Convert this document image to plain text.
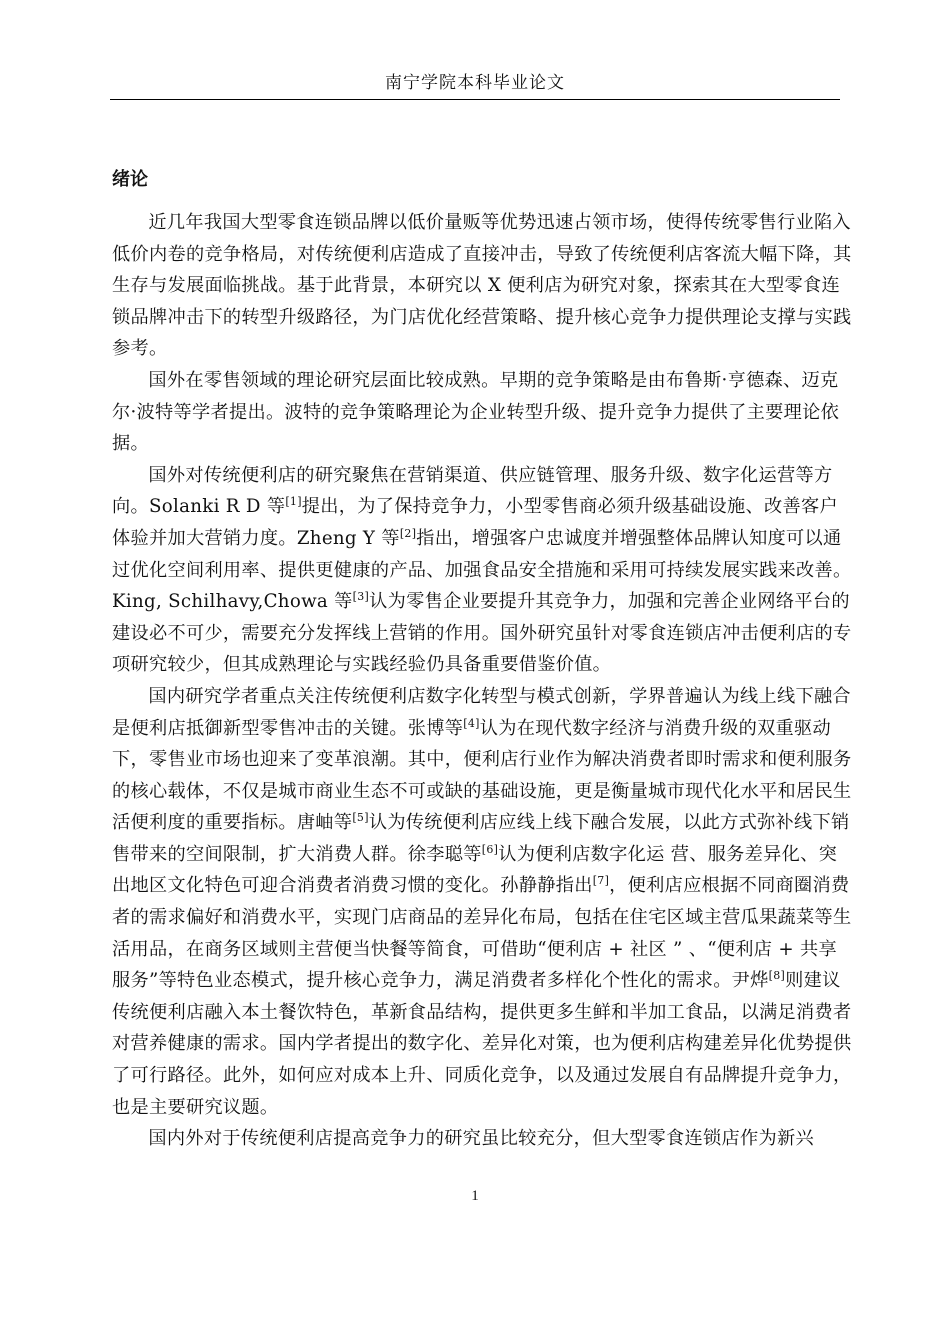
南宁学院本科毕业论文
绪论

近几年我国大型零食连锁品牌以低价量贩等优势迅速占领市场，使得传统零售行业陷入低价内卷的竞争格局，对传统便利店造成了直接冲击，导致了传统便利店客流大幅下降，其生存与发展面临挑战。基于此背景，本研究以 X 便利店为研究对象，探索其在大型零食连锁品牌冲击下的转型升级路径，为门店优化经营策略、提升核心竞争力提供理论支撑与实践参考。

国外在零售领域的理论研究层面比较成熟。早期的竞争策略是由布鲁斯·亨德森、迈克尔·波特等学者提出。波特的竞争策略理论为企业转型升级、提升竞争力提供了主要理论依据。

国外对传统便利店的研究聚焦在营销渠道、供应链管理、服务升级、数字化运营等方向。Solanki R D 等[1]提出，为了保持竞争力，小型零售商必须升级基础设施、改善客户体验并加大营销力度。Zheng Y 等[2]指出，增强客户忠诚度并增强整体品牌认知度可以通过优化空间利用率、提供更健康的产品、加强食品安全措施和采用可持续发展实践来改善。King, Schilhavy,Chowa 等[3]认为零售企业要提升其竞争力，加强和完善企业网络平台的建设必不可少，需要充分发挥线上营销的作用。国外研究虽针对零食连锁店冲击便利店的专项研究较少，但其成熟理论与实践经验仍具备重要借鉴价值。

国内研究学者重点关注传统便利店数字化转型与模式创新，学界普遍认为线上线下融合是便利店抵御新型零售冲击的关键。张博等[4]认为在现代数字经济与消费升级的双重驱动下，零售业市场也迎来了变革浪潮。其中，便利店行业作为解决消费者即时需求和便利服务的核心载体，不仅是城市商业生态不可或缺的基础设施，更是衡量城市现代化水平和居民生活便利度的重要指标。唐岫等[5]认为传统便利店应线上线下融合发展，以此方式弥补线下销售带来的空间限制，扩大消费人群。徐李聪等[6]认为便利店数字化运 营、服务差异化、突出地区文化特色可迎合消费者消费习惯的变化。孙静静指出[7]，便利店应根据不同商圈消费者的需求偏好和消费水平，实现门店商品的差异化布局，包括在住宅区域主营瓜果蔬菜等生活用品，在商务区域则主营便当快餐等简食，可借助“便利店 + 社区 ” 、“便利店 + 共享服务”等特色业态模式，提升核心竞争力，满足消费者多样化个性化的需求。尹烨[8]则建议传统便利店融入本土餐饮特色，革新食品结构，提供更多生鲜和半加工食品，以满足消费者对营养健康的需求。国内学者提出的数字化、差异化对策，也为便利店构建差异化优势提供了可行路径。此外，如何应对成本上升、同质化竞争，以及通过发展自有品牌提升竞争力，也是主要研究议题。

国内外对于传统便利店提高竞争力的研究虽比较充分，但大型零食连锁店作为新兴

1
